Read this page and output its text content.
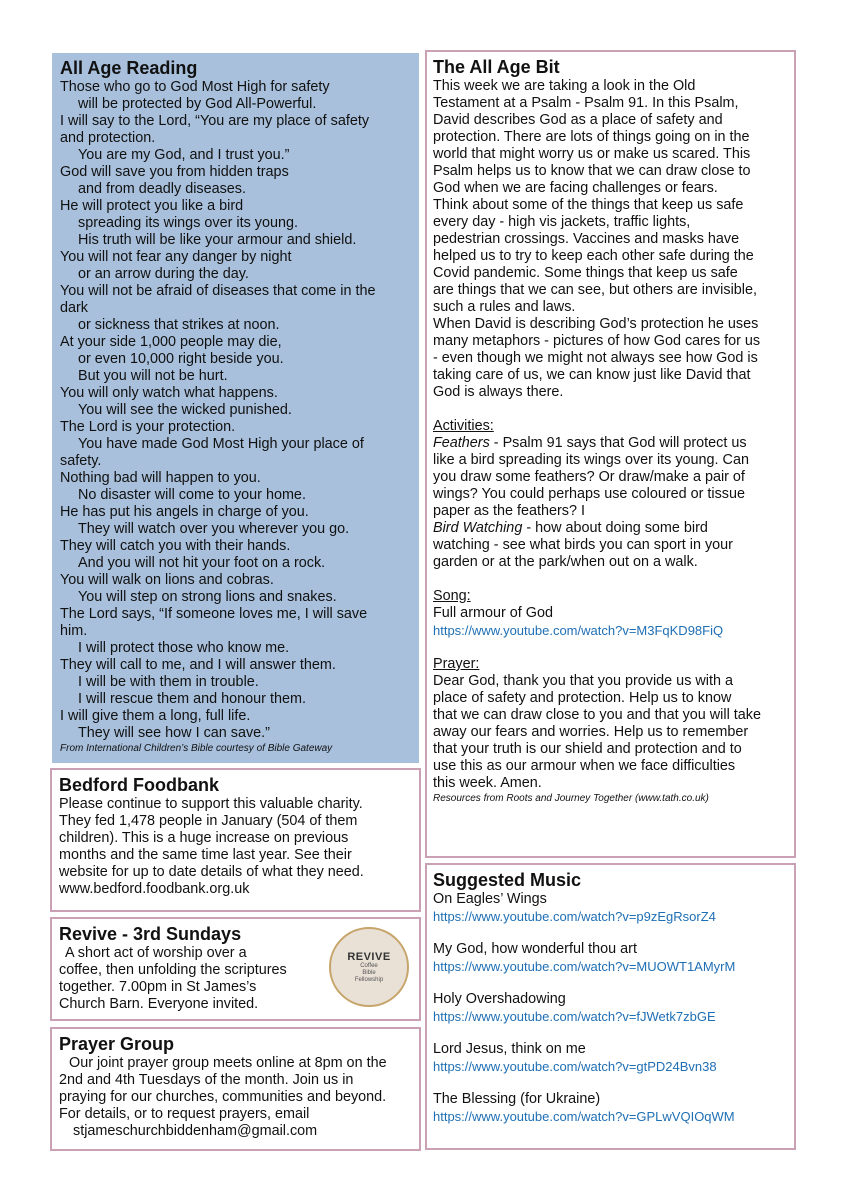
All Age Reading
Those who go to God Most High for safety
will be protected by God All-Powerful.
I will say to the Lord, “You are my place of safety
and protection.
You are my God, and I trust you.”
God will save you from hidden traps
and from deadly diseases.
He will protect you like a bird
spreading its wings over its young.
His truth will be like your armour and shield.
You will not fear any danger by night
or an arrow during the day.
You will not be afraid of diseases that come in the
dark
or sickness that strikes at noon.
At your side 1,000 people may die,
or even 10,000 right beside you.
But you will not be hurt.
You will only watch what happens.
You will see the wicked punished.
The Lord is your protection.
You have made God Most High your place of
safety.
Nothing bad will happen to you.
No disaster will come to your home.
He has put his angels in charge of you.
They will watch over you wherever you go.
They will catch you with their hands.
And you will not hit your foot on a rock.
You will walk on lions and cobras.
You will step on strong lions and snakes.
The Lord says, “If someone loves me, I will save
him.
I will protect those who know me.
They will call to me, and I will answer them.
I will be with them in trouble.
I will rescue them and honour them.
I will give them a long, full life.
They will see how I can save.”
From International Children’s Bible courtesy of Bible Gateway
Bedford Foodbank
Please continue to support this valuable charity.
They fed 1,478 people in January (504 of them
children). This is a huge increase on previous
months and the same time last year. See their
website for up to date details of what they need.
www.bedford.foodbank.org.uk
Revive - 3rd Sundays
A short act of worship over a
coffee, then unfolding the scriptures
together. 7.00pm in St James’s
Church Barn. Everyone invited.
REVIVE
Coffee
Bible
Fellowship
Prayer Group
Our joint prayer group meets online at 8pm on the
2nd and 4th Tuesdays of the month. Join us in
praying for our churches, communities and beyond.
For details, or to request prayers, email
stjameschurchbiddenham@gmail.com
The All Age Bit
This week we are taking a look in the Old
Testament at a Psalm - Psalm 91. In this Psalm,
David describes God as a place of safety and
protection. There are lots of things going on in the
world that might worry us or make us scared. This
Psalm helps us to know that we can draw close to
God when we are facing challenges or fears.
Think about some of the things that keep us safe
every day - high vis jackets, traffic lights,
pedestrian crossings. Vaccines and masks have
helped us to try to keep each other safe during the
Covid pandemic. Some things that keep us safe
are things that we can see, but others are invisible,
such a rules and laws.
When David is describing God’s protection he uses
many metaphors - pictures of how God cares for us
- even though we might not always see how God is
taking care of us, we can know just like David that
God is always there.
Activities:
Feathers - Psalm 91 says that God will protect us
like a bird spreading its wings over its young. Can
you draw some feathers? Or draw/make a pair of
wings? You could perhaps use coloured or tissue
paper as the feathers? I
Bird Watching - how about doing some bird
watching - see what birds you can sport in your
garden or at the park/when out on a walk.
Song:
Full armour of God
https://www.youtube.com/watch?v=M3FqKD98FiQ
Prayer:
Dear God, thank you that you provide us with a
place of safety and protection. Help us to know
that we can draw close to you and that you will take
away our fears and worries. Help us to remember
that your truth is our shield and protection and to
use this as our armour when we face difficulties
this week. Amen.
Resources from Roots and Journey Together (www.tath.co.uk)
Suggested Music
On Eagles’ Wings
https://www.youtube.com/watch?v=p9zEgRsorZ4
My God, how wonderful thou art
https://www.youtube.com/watch?v=MUOWT1AMyrM
Holy Overshadowing
https://www.youtube.com/watch?v=fJWetk7zbGE
Lord Jesus, think on me
https://www.youtube.com/watch?v=gtPD24Bvn38
The Blessing (for Ukraine)
https://www.youtube.com/watch?v=GPLwVQIOqWM
